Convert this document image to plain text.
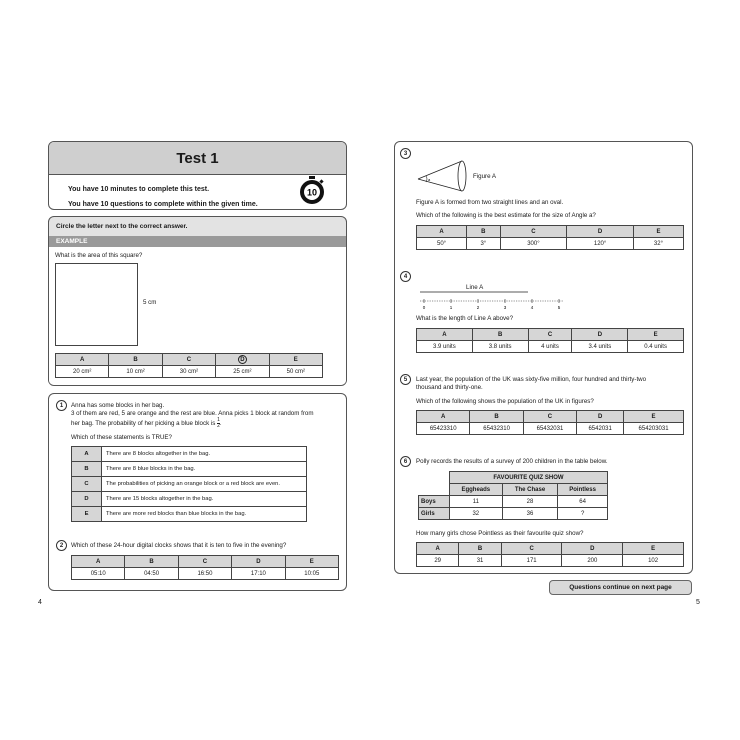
Test 1
You have 10 minutes to complete this test.
You have 10 questions to complete within the given time.
10
Circle the letter next to the correct answer.
EXAMPLE
What is the area of this square?
5 cm
A	B	C	D	E
20 cm²	10 cm²	30 cm²	25 cm²	50 cm²
1	Anna has some blocks in her bag.
3 of them are red, 5 are orange and the rest are blue. Anna picks 1 block at random from
her bag. The probability of her picking a blue block is $\frac{1}{2}$ .
Which of these statements is TRUE?
A	There are 8 blocks altogether in the bag.
B	There are 8 blue blocks in the bag.
C	The probabilities of picking an orange block or a red block are even.
D	There are 15 blocks altogether in the bag.
E	There are more red blocks than blue blocks in the bag.
2	Which of these 24-hour digital clocks shows that it is ten to five in the evening?
A	B	C	D	E
05:10	04:50	16:50	17:10	10:05
4
3
a	Figure A
Figure A is formed from two straight lines and an oval.
Which of the following is the best estimate for the size of Angle a?
A	B	C	D	E
50°	3°	300°	120°	32°
4
Line A
0	1	2	3	4	5
What is the length of Line A above?
A	B	C	D	E
3.9 units	3.8 units	4 units	3.4 units	0.4 units
5	Last year, the population of the UK was sixty-five million, four hundred and thirty-two
thousand and thirty-one.
Which of the following shows the population of the UK in figures?
A	B	C	D	E
65423310	65432310	65432031	6542031	654203031
6	Polly records the results of a survey of 200 children in the table below.
	FAVOURITE QUIZ SHOW		
	Eggheads	The Chase	Pointless
Boys	11	28	64
Girls	32	36	?
How many girls chose Pointless as their favourite quiz show?
A	B	C	D	E
29	31	171	200	102
Questions continue on next page
5
